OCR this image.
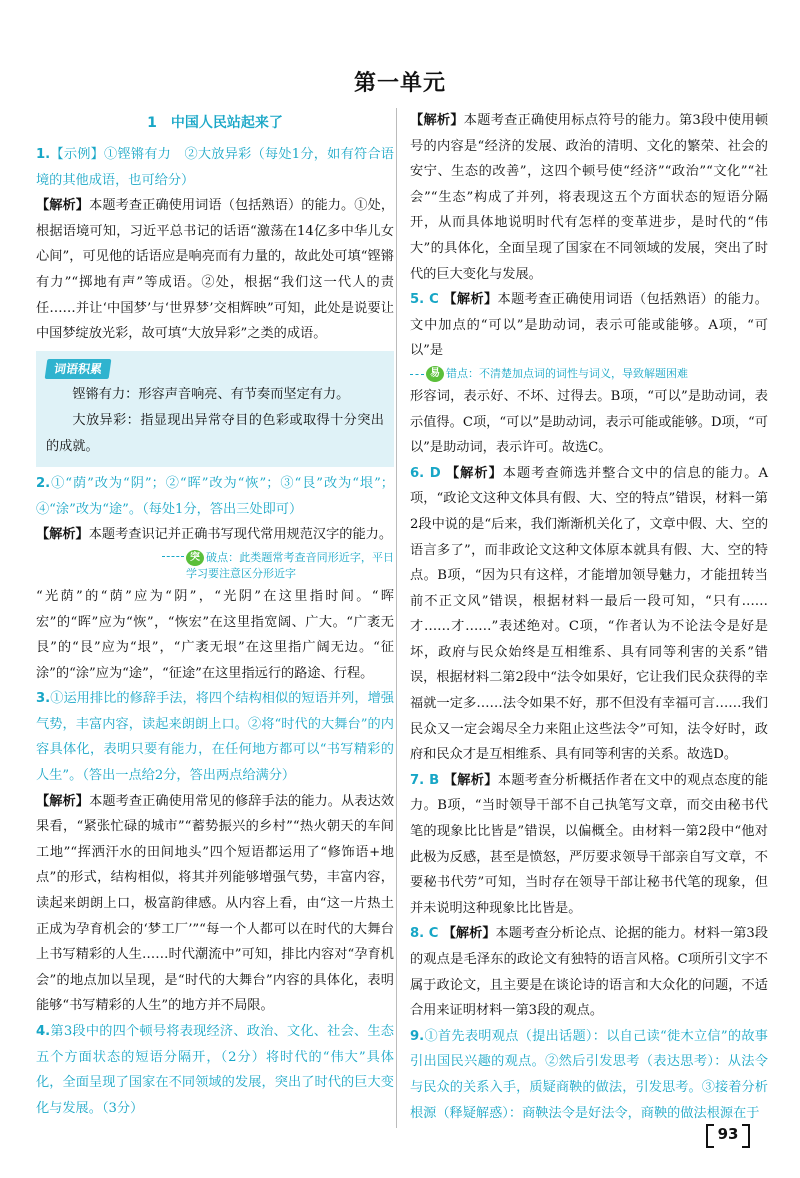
第一单元
1　中国人民站起来了

1.【示例】①铿锵有力　②大放异彩（每处1分，如有符合语境的其他成语，也可给分）

【解析】本题考查正确使用词语（包括熟语）的能力。①处，根据语境可知，习近平总书记的话语“激荡在14亿多中华儿女心间”，可见他的话语应是响亮而有力量的，故此处可填“铿锵有力”“掷地有声”等成语。②处，根据“我们这一代人的责任……并让‘中国梦’与‘世界梦’交相辉映”可知，此处是说要让中国梦绽放光彩，故可填“大放异彩”之类的成语。

词语积累

铿锵有力：形容声音响亮、有节奏而坚定有力。

大放异彩：指显现出异常夺目的色彩或取得十分突出的成就。

2.①“荫”改为“阴”；②“晖”改为“恢”；③“艮”改为“垠”；④“涂”改为“途”。（每处1分，答出三处即可）

【解析】本题考查识记并正确书写现代常用规范汉字的能力。

突 破点：此类题常考查音同形近字，平日学习要注意区分形近字

“光荫”的“荫”应为“阴”，“光阴”在这里指时间。“晖宏”的“晖”应为“恢”，“恢宏”在这里指宽阔、广大。“广袤无艮”的“艮”应为“垠”，“广袤无垠”在这里指广阔无边。“征涂”的“涂”应为“途”，“征途”在这里指远行的路途、行程。

3.①运用排比的修辞手法，将四个结构相似的短语并列，增强气势，丰富内容，读起来朗朗上口。②将“时代的大舞台”的内容具体化，表明只要有能力，在任何地方都可以“书写精彩的人生”。（答出一点给2分，答出两点给满分）

【解析】本题考查正确使用常见的修辞手法的能力。从表达效果看，“紧张忙碌的城市”“蓄势振兴的乡村”“热火朝天的车间工地”“挥洒汗水的田间地头”四个短语都运用了“修饰语+地点”的形式，结构相似，将其并列能够增强气势，丰富内容，读起来朗朗上口，极富韵律感。从内容上看，由“这一片热土正成为孕育机会的‘梦工厂’”“每一个人都可以在时代的大舞台上书写精彩的人生……时代潮流中”可知，排比内容对“孕育机会”的地点加以呈现，是“时代的大舞台”内容的具体化，表明能够“书写精彩的人生”的地方并不局限。

4.第3段中的四个顿号将表现经济、政治、文化、社会、生态五个方面状态的短语分隔开，（2分）将时代的“伟大”具体化，全面呈现了国家在不同领域的发展，突出了时代的巨大变化与发展。（3分）

【解析】本题考查正确使用标点符号的能力。第3段中使用顿号的内容是“经济的发展、政治的清明、文化的繁荣、社会的安宁、生态的改善”，这四个顿号使“经济”“政治”“文化”“社会”“生态”构成了并列，将表现这五个方面状态的短语分隔开，从而具体地说明时代有怎样的变革进步，是时代的“伟大”的具体化，全面呈现了国家在不同领域的发展，突出了时代的巨大变化与发展。

5. C 【解析】本题考查正确使用词语（包括熟语）的能力。文中加点的“可以”是助动词，表示可能或能够。A项，“可以”是

易 错点：不清楚加点词的词性与词义，导致解题困难

形容词，表示好、不坏、过得去。B项，“可以”是助动词，表示值得。C项，“可以”是助动词，表示可能或能够。D项，“可以”是助动词，表示许可。故选C。

6. D 【解析】本题考查筛选并整合文中的信息的能力。A项，“政论文这种文体具有假、大、空的特点”错误，材料一第2段中说的是“后来，我们渐渐机关化了，文章中假、大、空的语言多了”，而非政论文这种文体原本就具有假、大、空的特点。B项，“因为只有这样，才能增加领导魅力，才能扭转当前不正文风”错误，根据材料一最后一段可知，“只有……才……才……”表述绝对。C项，“作者认为不论法令是好是坏，政府与民众始终是互相维系、具有同等利害的关系”错误，根据材料二第2段中“法令如果好，它让我们民众获得的幸福就一定多……法令如果不好，那不但没有幸福可言……我们民众又一定会竭尽全力来阻止这些法令”可知，法令好时，政府和民众才是互相维系、具有同等利害的关系。故选D。

7. B 【解析】本题考查分析概括作者在文中的观点态度的能力。B项，“当时领导干部不自己执笔写文章，而交由秘书代笔的现象比比皆是”错误，以偏概全。由材料一第2段中“他对此极为反感，甚至是愤怒，严厉要求领导干部亲自写文章，不要秘书代劳”可知，当时存在领导干部让秘书代笔的现象，但并未说明这种现象比比皆是。

8. C 【解析】本题考查分析论点、论据的能力。材料一第3段的观点是毛泽东的政论文有独特的语言风格。C项所引文字不属于政论文，且主要是在谈论诗的语言和大众化的问题，不适合用来证明材料一第3段的观点。

9.①首先表明观点（提出话题）：以自己读“徙木立信”的故事引出国民兴趣的观点。②然后引发思考（表达思考）：从法令与民众的关系入手，质疑商鞅的做法，引发思考。③接着分析根源（释疑解惑）：商鞅法令是好法令，商鞅的做法根源在于

93
